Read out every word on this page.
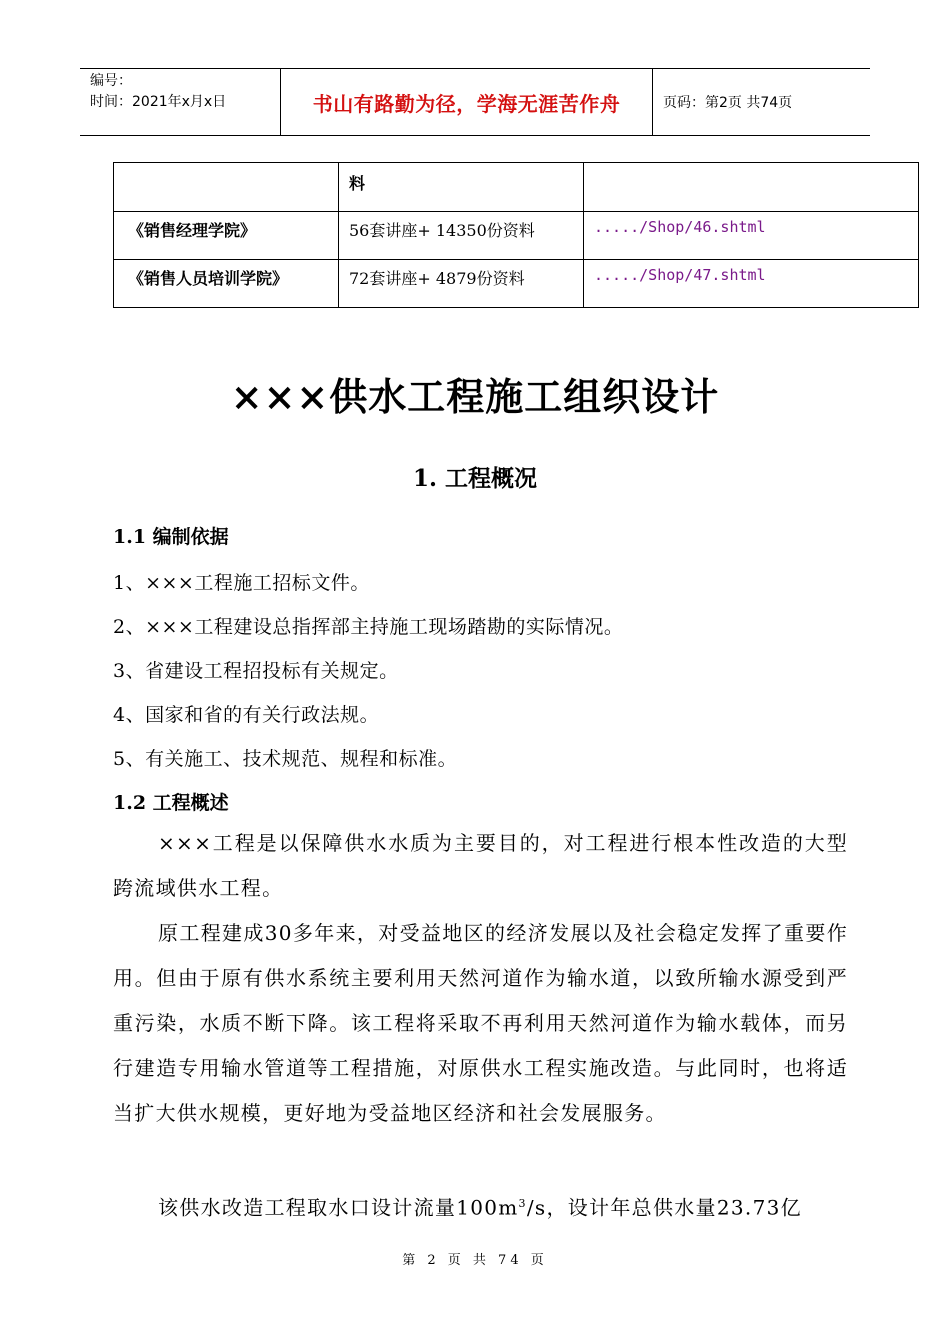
编号：
时间：2021年x月x日	书山有路勤为径，学海无涯苦作舟	页码：第2页 共74页
	料	
《销售经理学院》	56套讲座+ 14350份资料	...../Shop/46.shtml
《销售人员培训学院》	72套讲座+ 4879份资料	...../Shop/47.shtml
×××供水工程施工组织设计
1. 工程概况
1.1 编制依据
1、×××工程施工招标文件。
2、×××工程建设总指挥部主持施工现场踏勘的实际情况。
3、省建设工程招投标有关规定。
4、国家和省的有关行政法规。
5、有关施工、技术规范、规程和标准。
1.2 工程概述
×××工程是以保障供水水质为主要目的，对工程进行根本性改造的大型跨流域供水工程。
原工程建成30多年来，对受益地区的经济发展以及社会稳定发挥了重要作用。但由于原有供水系统主要利用天然河道作为输水道，以致所输水源受到严重污染，水质不断下降。该工程将采取不再利用天然河道作为输水载体，而另行建造专用输水管道等工程措施，对原供水工程实施改造。与此同时，也将适当扩大供水规模，更好地为受益地区经济和社会发展服务。
该供水改造工程取水口设计流量$100m^3/s$，设计年总供水量23.73亿
第 2 页 共 74 页
